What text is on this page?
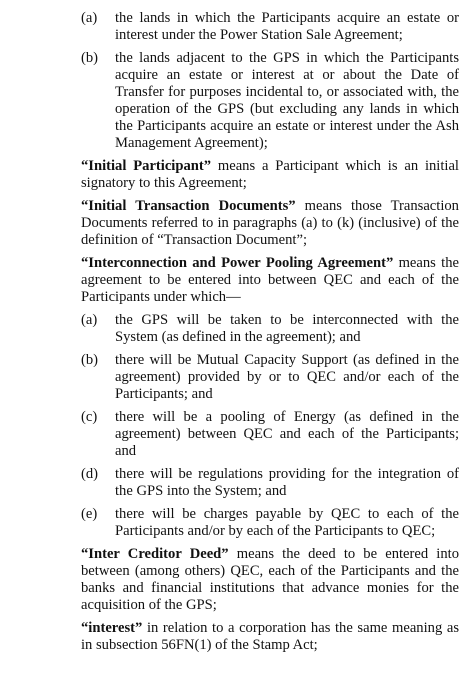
(a) the lands in which the Participants acquire an estate or interest under the Power Station Sale Agreement;
(b) the lands adjacent to the GPS in which the Participants acquire an estate or interest at or about the Date of Transfer for purposes incidental to, or associated with, the operation of the GPS (but excluding any lands in which the Participants acquire an estate or interest under the Ash Management Agreement);

“Initial Participant” means a Participant which is an initial signatory to this Agreement;

“Initial Transaction Documents” means those Transaction Documents referred to in paragraphs (a) to (k) (inclusive) of the definition of “Transaction Document”;

“Interconnection and Power Pooling Agreement” means the agreement to be entered into between QEC and each of the Participants under which—

(a) the GPS will be taken to be interconnected with the System (as defined in the agreement); and
(b) there will be Mutual Capacity Support (as defined in the agreement) provided by or to QEC and/or each of the Participants; and
(c) there will be a pooling of Energy (as defined in the agreement) between QEC and each of the Participants; and
(d) there will be regulations providing for the integration of the GPS into the System; and
(e) there will be charges payable by QEC to each of the Participants and/or by each of the Participants to QEC;

“Inter Creditor Deed” means the deed to be entered into between (among others) QEC, each of the Participants and the banks and financial institutions that advance monies for the acquisition of the GPS;

“interest” in relation to a corporation has the same meaning as in subsection 56FN(1) of the Stamp Act;
